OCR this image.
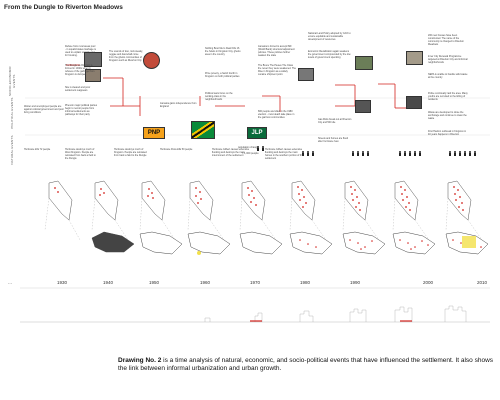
From the Dungle to Riverton Meadows
SOCIO-ECONOMIC EVENTS
POLITICAL EVENTS
NATURAL EVENTS
PNP	JLP
Wetter and unemployed people are against colonial government and poor living conditions
Hurricane kills 72 people
Refuse from rural areas poor - in squalid states Garbage is used to explain scarcity and for housing.
The Dungle as Riverton is formed in 1940s when it refuses of the garbage from Kingston is dumped.
Site is cleared and poor settlement reappears
Phenom major political parties begin to recruit people from informal settlements as pathways for their party
Hurricane destroys much of West Kingston. People are relocated from back a field to the Dungle
The sounds of doo, rock steady, reggae and dancehall come from the ghetto communities of Kingston such as Riverton City
Hurricane destroys much of Kingston. People are relocated from back a field to the Dungle
Jamaica gains independence from England
Hurricane Flora kills 50 people
Nothing Bout Me Is Real Kills 16 the hotels in Kingston City, ghetto area in the country
Price poverty, a harsh fourth in Kingston on both political parties
Political wars focus on the working-class in the neighbourhoods
Hurricane Gilbert causes extensive flooding and destroys the main interconnect of the settlement
Jamaica is forced to accept IMF (World Bank) structural adjustment policies. These policies further weaken the state
The Bruce The Pieses The Class the never they were weakened. The Rise in Kingston as a widely cocaine shipment point.
800 people are killed in the 1980 election - most death take place in the garrison communities
Hurricane Gilbert causes extensive flooding and destroys the main homes in the southern portion of the settlement
National Land Policy adopted by GOJ to ensure equitable and sustainable development of resources
Economic liberalization again weakens the government compounded by the low levels of government spending
Gas Riots break out at Riverton City and 500 die
Streets and homes are flood after hurricane Ivan
200 new houses have been constructed. The name of the community is changed to Riverton Meadows
Inner City Renewal Programme targeted at Riverton City and informal neighborhoods
NEPA is unable to handle solid waste at the country
Police continually raid the area. Many youths are recruited to the killing of residents
Waste are developed to close the anchorage and continue to clean the waste
First Hadron outbreak in Kingston in 40 years happens in Riverton
population change
= 1,000 people
...	1930	1940	1950	1960	1970	1980	1990	2000	2010
Drawing No. 2 is a time analysis of natural, economic, and socio-political events that have influenced the settlement. It also shows the link between informal urbanization and urban growth.
